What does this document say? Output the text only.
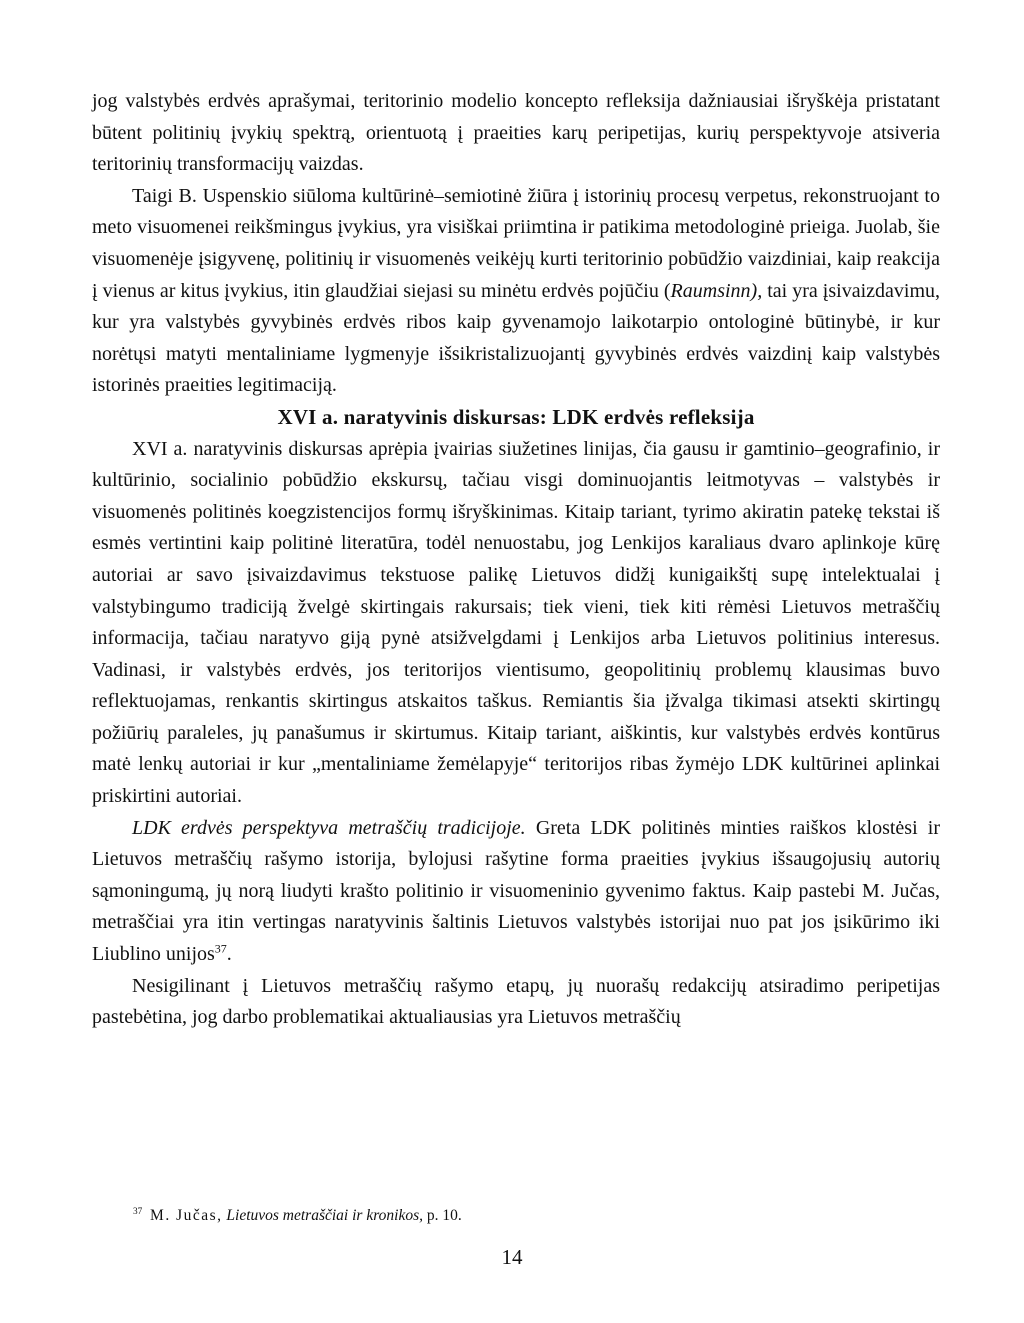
jog valstybės erdvės aprašymai, teritorinio modelio koncepto refleksija dažniausiai išryškėja pristatant būtent politinių įvykių spektrą, orientuotą į praeities karų peripetijas, kurių perspektyvoje atsiveria teritorinių transformacijų vaizdas.

Taigi B. Uspenskio siūloma kultūrinė–semiotinė žiūra į istorinių procesų verpetus, rekonstruojant to meto visuomenei reikšmingus įvykius, yra visiškai priimtina ir patikima metodologinė prieiga. Juolab, šie visuomenėje įsigyvenę, politinių ir visuomenės veikėjų kurti teritorinio pobūdžio vaizdiniai, kaip reakcija į vienus ar kitus įvykius, itin glaudžiai siejasi su minėtu erdvės pojūčiu (Raumsinn), tai yra įsivaizdavimu, kur yra valstybės gyvybinės erdvės ribos kaip gyvenamojo laikotarpio ontologinė būtinybė, ir kur norėtųsi matyti mentaliniame lygmenyje išsikristalizuojantį gyvybinės erdvės vaizdinį kaip valstybės istorinės praeities legitimaciją.

XVI a. naratyvinis diskursas: LDK erdvės refleksija

XVI a. naratyvinis diskursas aprėpia įvairias siužetines linijas, čia gausu ir gamtinio–geografinio, ir kultūrinio, socialinio pobūdžio ekskursų, tačiau visgi dominuojantis leitmotyvas – valstybės ir visuomenės politinės koegzistencijos formų išryškinimas. Kitaip tariant, tyrimo akiratin patekę tekstai iš esmės vertintini kaip politinė literatūra, todėl nenuostabu, jog Lenkijos karaliaus dvaro aplinkoje kūrę autoriai ar savo įsivaizdavimus tekstuose palikę Lietuvos didžį kunigaikštį supę intelektualai į valstybingumo tradiciją žvelgė skirtingais rakursais; tiek vieni, tiek kiti rėmėsi Lietuvos metraščių informacija, tačiau naratyvo giją pynė atsižvelgdami į Lenkijos arba Lietuvos politinius interesus. Vadinasi, ir valstybės erdvės, jos teritorijos vientisumo, geopolitinių problemų klausimas buvo reflektuojamas, renkantis skirtingus atskaitos taškus. Remiantis šia įžvalga tikimasi atsekti skirtingų požiūrių paraleles, jų panašumus ir skirtumus. Kitaip tariant, aiškintis, kur valstybės erdvės kontūrus matė lenkų autoriai ir kur „mentaliniame žemėlapyje“ teritorijos ribas žymėjo LDK kultūrinei aplinkai priskirtini autoriai.

LDK erdvės perspektyva metraščių tradicijoje. Greta LDK politinės minties raiškos klostėsi ir Lietuvos metraščių rašymo istorija, bylojusi rašytine forma praeities įvykius išsaugojusių autorių sąmoningumą, jų norą liudyti krašto politinio ir visuomeninio gyvenimo faktus. Kaip pastebi M. Jučas, metraščiai yra itin vertingas naratyvinis šaltinis Lietuvos valstybės istorijai nuo pat jos įsikūrimo iki Liublino unijos$^{37}$.

Nesigilinant į Lietuvos metraščių rašymo etapų, jų nuorašų redakcijų atsiradimo peripetijas pastebėtina, jog darbo problematikai aktualiausias yra Lietuvos metraščių

$^{37}$ M. Jučas, Lietuvos metraščiai ir kronikos, p. 10.
14
